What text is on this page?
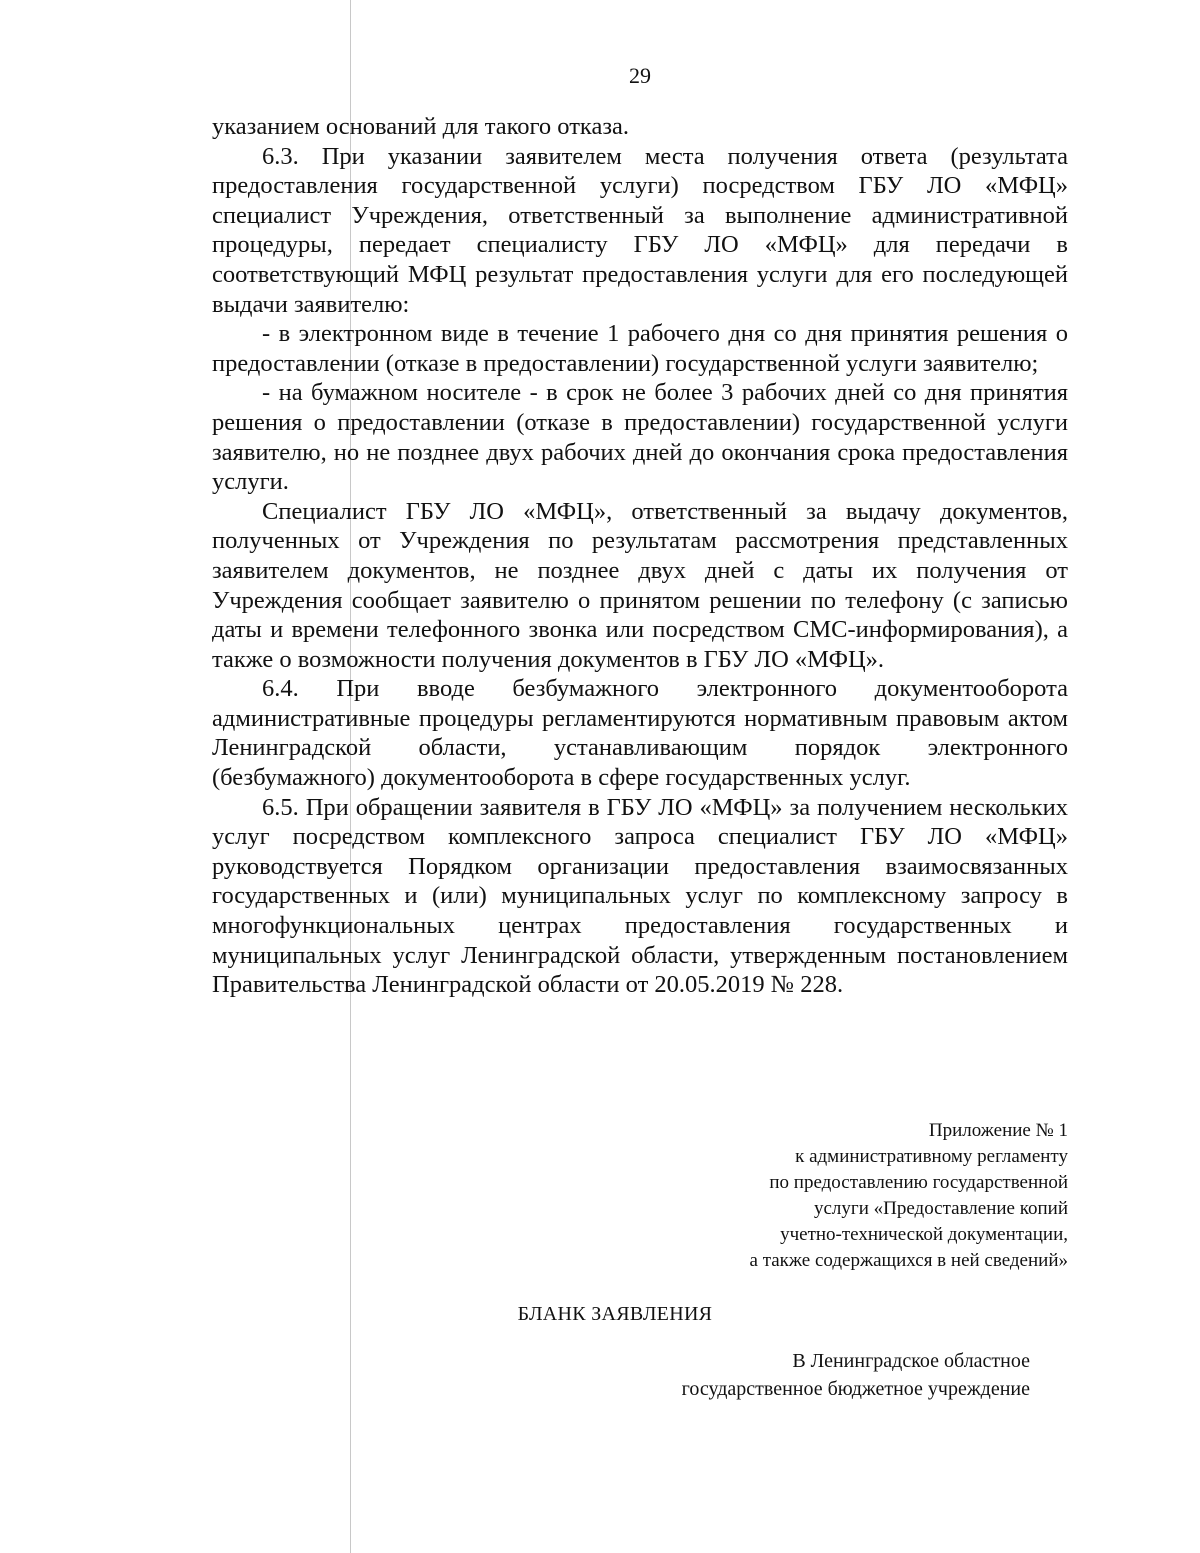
29

указанием оснований для такого отказа.

6.3. При указании заявителем места получения ответа (результата предоставления государственной услуги) посредством ГБУ ЛО «МФЦ» специалист Учреждения, ответственный за выполнение административной процедуры, передает специалисту ГБУ ЛО «МФЦ» для передачи в соответствующий МФЦ результат предоставления услуги для его последующей выдачи заявителю:

- в электронном виде в течение 1 рабочего дня со дня принятия решения о предоставлении (отказе в предоставлении) государственной услуги заявителю;

- на бумажном носителе - в срок не более 3 рабочих дней со дня принятия решения о предоставлении (отказе в предоставлении) государственной услуги заявителю, но не позднее двух рабочих дней до окончания срока предоставления услуги.

Специалист ГБУ ЛО «МФЦ», ответственный за выдачу документов, полученных от Учреждения по результатам рассмотрения представленных заявителем документов, не позднее двух дней с даты их получения от Учреждения сообщает заявителю о принятом решении по телефону (с записью даты и времени телефонного звонка или посредством СМС-информирования), а также о возможности получения документов в ГБУ ЛО «МФЦ».

6.4. При вводе безбумажного электронного документооборота административные процедуры регламентируются нормативным правовым актом Ленинградской области, устанавливающим порядок электронного (безбумажного) документооборота в сфере государственных услуг.

6.5. При обращении заявителя в ГБУ ЛО «МФЦ» за получением нескольких услуг посредством комплексного запроса специалист ГБУ ЛО «МФЦ» руководствуется Порядком организации предоставления взаимосвязанных государственных и (или) муниципальных услуг по комплексному запросу в многофункциональных центрах предоставления государственных и муниципальных услуг Ленинградской области, утвержденным постановлением Правительства Ленинградской области от 20.05.2019 № 228.

Приложение № 1
к административному регламенту
по предоставлению государственной
услуги «Предоставление копий
учетно-технической документации,
а также содержащихся в ней сведений»
БЛАНК ЗАЯВЛЕНИЯ
В Ленинградское областное
государственное бюджетное учреждение
